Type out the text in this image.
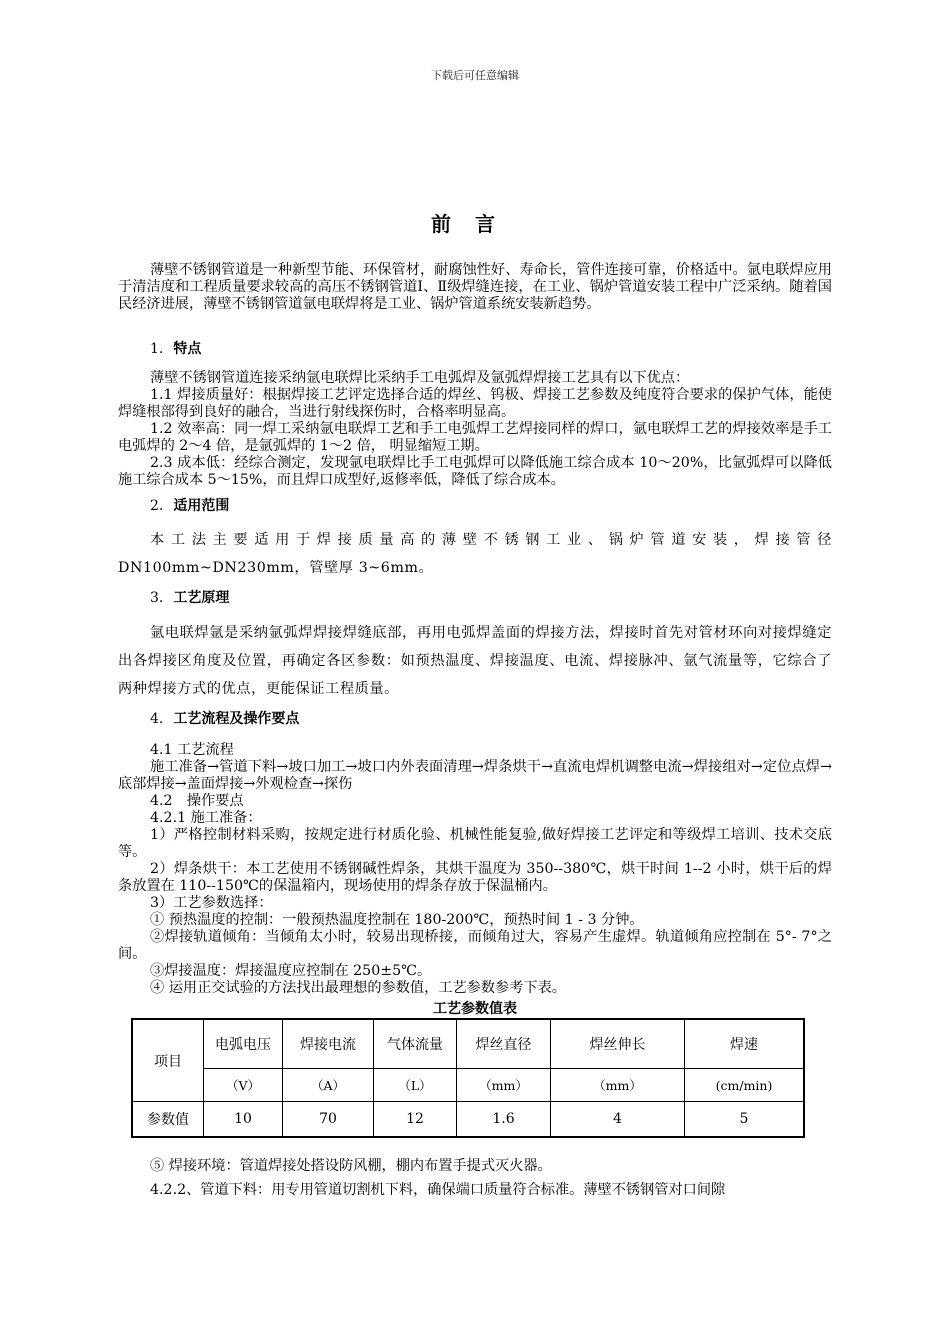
下载后可任意编辑
前言

薄壁不锈钢管道是一种新型节能、环保管材，耐腐蚀性好、寿命长，管件连接可靠，价格适中。氩电联焊应用于清洁度和工程质量要求较高的高压不锈钢管道Ⅰ、Ⅱ级焊缝连接，在工业、锅炉管道安装工程中广泛采纳。随着国民经济进展，薄壁不锈钢管道氩电联焊将是工业、锅炉管道系统安装新趋势。

1. 特点

薄壁不锈钢管道连接采纳氩电联焊比采纳手工电弧焊及氩弧焊焊接工艺具有以下优点：

1.1 焊接质量好：根据焊接工艺评定选择合适的焊丝、钨极、焊接工艺参数及纯度符合要求的保护气体，能使焊缝根部得到良好的融合，当进行射线探伤时，合格率明显高。

1.2 效率高：同一焊工采纳氩电联焊工艺和手工电弧焊工艺焊接同样的焊口，氩电联焊工艺的焊接效率是手工电弧焊的 2～4 倍，是氩弧焊的 1～2 倍， 明显缩短工期。

2.3 成本低：经综合测定，发现氩电联焊比手工电弧焊可以降低施工综合成本 10～20%，比氩弧焊可以降低施工综合成本 5～15%，而且焊口成型好,返修率低，降低了综合成本。

2. 适用范围

本工法主要适用于焊接质量高的薄壁不锈钢工业、锅炉管道安装，焊接管径 DN100mm~DN230mm，管壁厚 3~6mm。

3. 工艺原理

氩电联焊氩是采纳氩弧焊焊接焊缝底部，再用电弧焊盖面的焊接方法，焊接时首先对管材环向对接焊缝定出各焊接区角度及位置，再确定各区参数：如预热温度、焊接温度、电流、焊接脉冲、氩气流量等，它综合了两种焊接方式的优点，更能保证工程质量。

4. 工艺流程及操作要点

4.1 工艺流程

施工准备→管道下料→坡口加工→坡口内外表面清理→焊条烘干→直流电焊机调整电流→焊接组对→定位点焊→底部焊接→盖面焊接→外观检查→探伤

4.2　操作要点

4.2.1 施工准备：

1）严格控制材料采购，按规定进行材质化验、机械性能复验,做好焊接工艺评定和等级焊工培训、技术交底等。

2）焊条烘干：本工艺使用不锈钢碱性焊条，其烘干温度为 350--380℃，烘干时间 1--2 小时，烘干后的焊条放置在 110--150℃的保温箱内，现场使用的焊条存放于保温桶内。

3）工艺参数选择：

① 预热温度的控制：一般预热温度控制在 180-200℃，预热时间 1 - 3 分钟。

②焊接轨道倾角：当倾角太小时，较易出现桥接，而倾角过大，容易产生虚焊。轨道倾角应控制在 5°- 7°之间。

③焊接温度：焊接温度应控制在 250±5℃。

④ 运用正交试验的方法找出最理想的参数值，工艺参数参考下表。

工艺参数值表
项目	电弧电压	焊接电流	气体流量	焊丝直径	焊丝伸长	焊速
	（V）	（A）	（L）	（mm）	（mm）	(cm/min)
参数值	10	70	12	1.6	4	5

⑤ 焊接环境：管道焊接处搭设防风棚，棚内布置手提式灭火器。

4.2.2、管道下料：用专用管道切割机下料，确保端口质量符合标准。薄壁不锈钢管对口间隙
